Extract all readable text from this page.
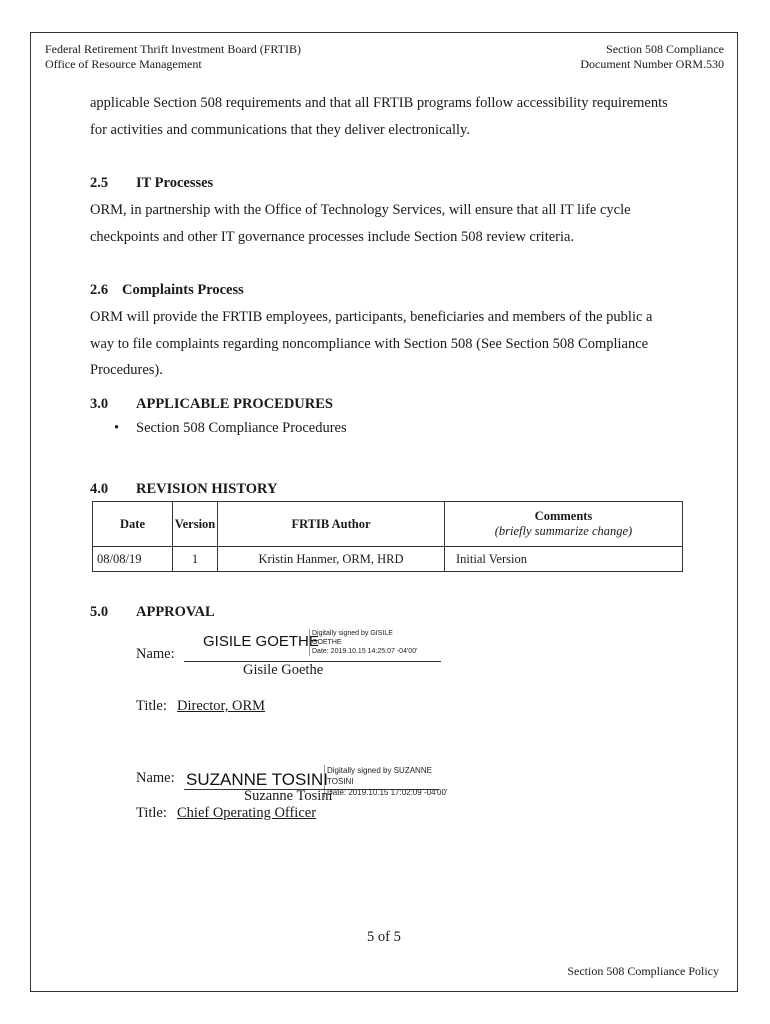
Federal Retirement Thrift Investment Board (FRTIB)
Office of Resource Management
Section 508 Compliance
Document Number ORM.530
applicable Section 508 requirements and that all FRTIB programs follow accessibility requirements
for activities and communications that they deliver electronically.
2.5 IT Processes
ORM, in partnership with the Office of Technology Services, will ensure that all IT life cycle
checkpoints and other IT governance processes include Section 508 review criteria.
2.6 Complaints Process
ORM will provide the FRTIB employees, participants, beneficiaries and members of the public a
way to file complaints regarding noncompliance with Section 508 (See Section 508 Compliance
Procedures).
3.0 APPLICABLE PROCEDURES
• Section 508 Compliance Procedures
4.0 REVISION HISTORY
Date	Version	FRTIB Author	Comments
(briefly summarize change)

08/08/19	1	Kristin Hanmer, ORM, HRD	Initial Version
5.0 APPROVAL
Name:
GISILE GOETHE
Digitally signed by GISILE
GOETHE
Date: 2019.10.15 14:25:07 -04'00'
Gisile Goethe
Title: Director, ORM
Name: SUZANNE TOSINI
Digitally signed by SUZANNE
TOSINI
Date: 2019.10.15 17:02:09 -04'00'
Suzanne Tosini
Title: Chief Operating Officer
5 of 5
Section 508 Compliance Policy
